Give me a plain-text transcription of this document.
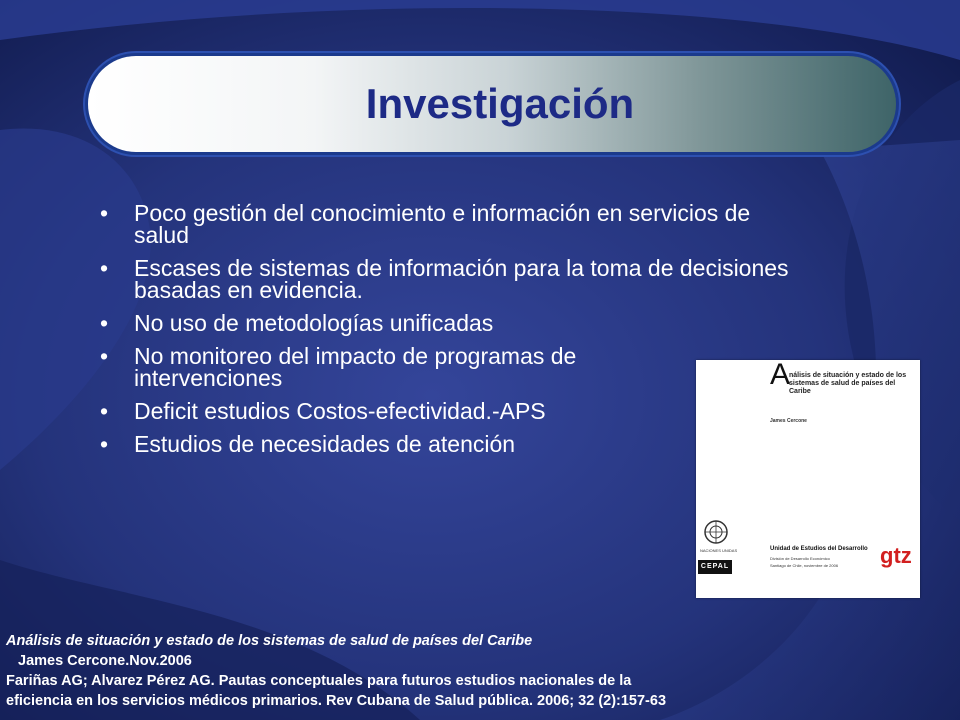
Investigación
•	Poco gestión del conocimiento e información en servicios de salud
•	Escases de sistemas de información para la toma de decisiones basadas en evidencia.
•	No uso de metodologías unificadas
•	No monitoreo del impacto de programas de intervenciones
•	Deficit estudios Costos-efectividad.-APS
•	Estudios de necesidades de atención
A
nálisis de situación y estado de los sistemas de salud de países del Caribe
James Cercone
NACIONES UNIDAS
CEPAL
Unidad de Estudios del Desarrollo
División de Desarrollo Económico
Santiago de Chile, noviembre de 2006 gtz
Análisis de situación y estado de los sistemas de salud de países del Caribe
James Cercone.Nov.2006
Fariñas AG; Alvarez Pérez AG. Pautas conceptuales para futuros estudios nacionales de la
eficiencia en los servicios médicos primarios. Rev Cubana de Salud pública. 2006; 32 (2):157-63
